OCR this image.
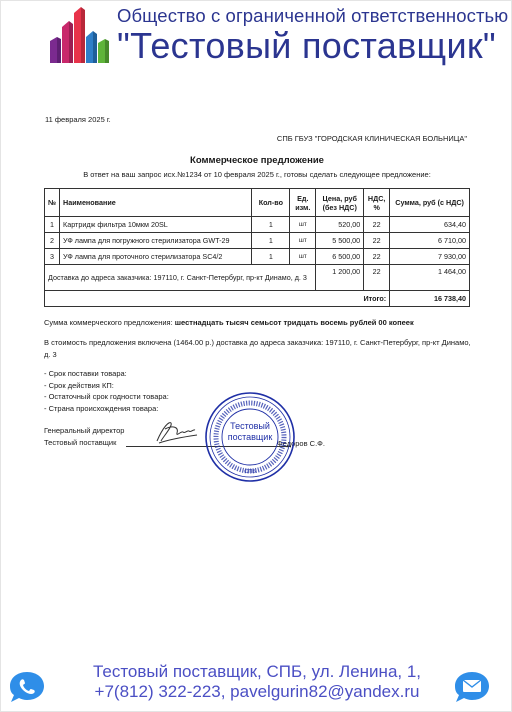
Общество с ограниченной ответственностью
"Тестовый поставщик"
11 февраля 2025 г.
СПБ ГБУЗ "ГОРОДСКАЯ КЛИНИЧЕСКАЯ БОЛЬНИЦА"
Коммерческое предложение
В ответ на ваш запрос исх.№1234 от 10 февраля 2025 г., готовы сделать следующее предложение:
№	Наименование	Кол-во	Ед. изм.	Цена, руб (без НДС)	НДС, %	Сумма, руб (с НДС)
1	Картридж фильтра 10мкм 20SL	1	шт	520,00	22	634,40
2	УФ лампа для погружного стерилизатора GWT-29	1	шт	5 500,00	22	6 710,00
3	УФ лампа для проточного стерилизатора SC4/2	1	шт	6 500,00	22	7 930,00
Доставка до адреса заказчика: 197110, г. Санкт-Петербург, пр-кт Динамо, д. 3				1 200,00	22	1 464,00
Итого:						16 738,40
Сумма коммерческого предложения: шестнадцать тысяч семьсот тридцать восемь рублей 00 копеек
В стоимость предложения включена (1464.00 р.) доставка до адреса заказчика: 197110, г. Санкт-Петербург, пр-кт Динамо, д. 3
- Срок поставки товара:
- Срок действия КП:
- Остаточный срок годности товара:
- Страна происхождения товара:
Генеральный директор
Тестовый поставщик	Федоров С.Ф.
СПБ
Тестовый
поставщик
Тестовый поставщик, СПБ, ул. Ленина, 1,
+7(812) 322-223, pavelgurin82@yandex.ru
